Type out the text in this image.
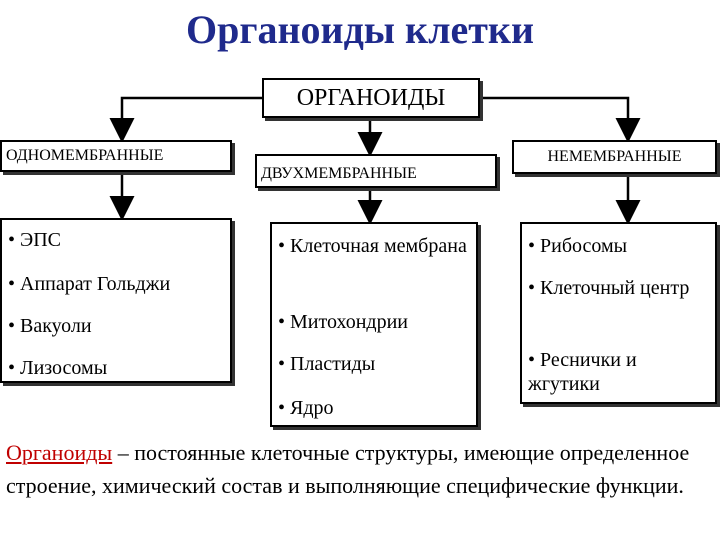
Органоиды клетки
ОРГАНОИДЫ
ОДНОМЕМБРАННЫЕ
ДВУХМЕМБРАННЫЕ
НЕМЕМБРАННЫЕ
• ЭПС
• Аппарат Гольджи
• Вакуоли
• Лизосомы
• Клеточная мембрана
• Митохондрии
• Пластиды
• Ядро
• Рибосомы
• Клеточный центр
• Реснички и жгутики
Органоиды – постоянные клеточные структуры, имеющие определенное строение, химический состав и выполняющие специфические функции.
